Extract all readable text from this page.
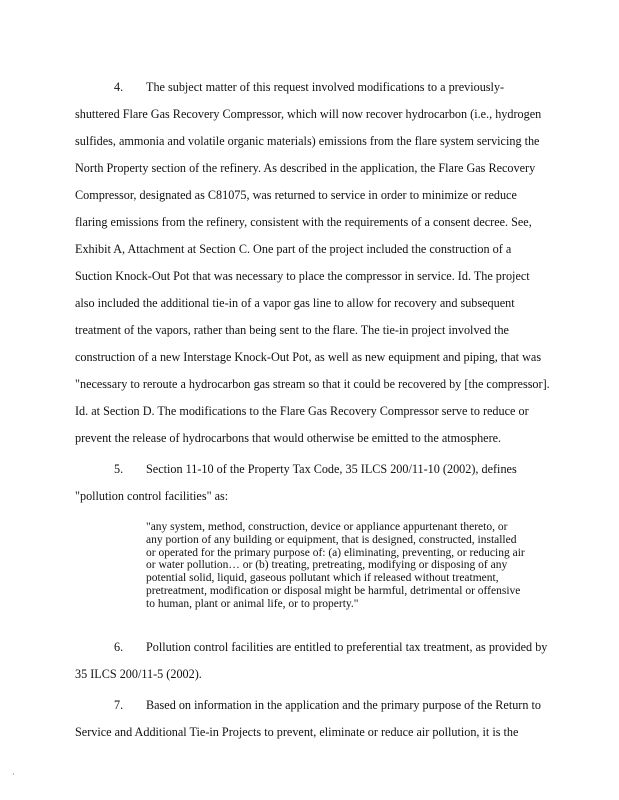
4. The subject matter of this request involved modifications to a previously-
shuttered Flare Gas Recovery Compressor, which will now recover hydrocarbon (i.e., hydrogen
sulfides, ammonia and volatile organic materials) emissions from the flare system servicing the
North Property section of the refinery. As described in the application, the Flare Gas Recovery
Compressor, designated as C81075, was returned to service in order to minimize or reduce
flaring emissions from the refinery, consistent with the requirements of a consent decree. See,
Exhibit A, Attachment at Section C. One part of the project included the construction of a
Suction Knock-Out Pot that was necessary to place the compressor in service. Id. The project
also included the additional tie-in of a vapor gas line to allow for recovery and subsequent
treatment of the vapors, rather than being sent to the flare. The tie-in project involved the
construction of a new Interstage Knock-Out Pot, as well as new equipment and piping, that was
"necessary to reroute a hydrocarbon gas stream so that it could be recovered by [the compressor].
Id. at Section D. The modifications to the Flare Gas Recovery Compressor serve to reduce or
prevent the release of hydrocarbons that would otherwise be emitted to the atmosphere.
5. Section 11-10 of the Property Tax Code, 35 ILCS 200/11-10 (2002), defines
"pollution control facilities" as:
"any system, method, construction, device or appliance appurtenant thereto, or
any portion of any building or equipment, that is designed, constructed, installed
or operated for the primary purpose of: (a) eliminating, preventing, or reducing air
or water pollution… or (b) treating, pretreating, modifying or disposing of any
potential solid, liquid, gaseous pollutant which if released without treatment,
pretreatment, modification or disposal might be harmful, detrimental or offensive
to human, plant or animal life, or to property."
6. Pollution control facilities are entitled to preferential tax treatment, as provided by
35 ILCS 200/11-5 (2002).
7. Based on information in the application and the primary purpose of the Return to
Service and Additional Tie-in Projects to prevent, eliminate or reduce air pollution, it is the
·
